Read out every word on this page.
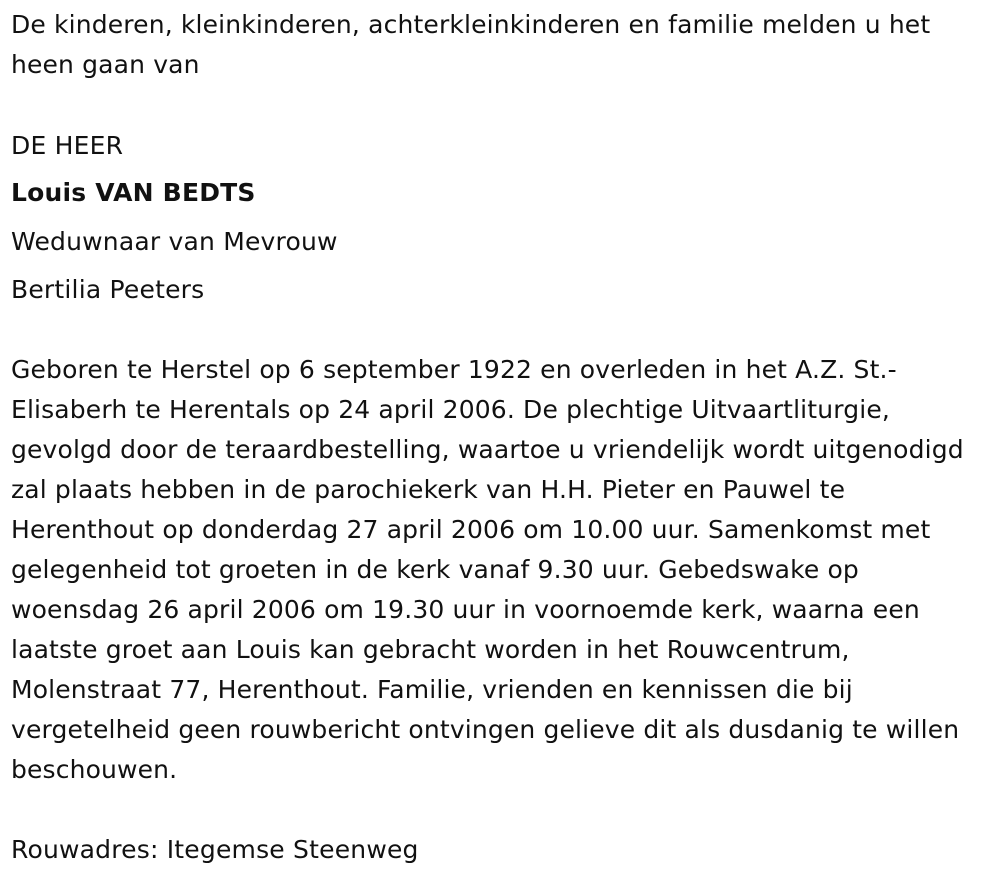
De kinderen, kleinkinderen, achterkleinkinderen en familie melden u het heen gaan van

DE HEER
Louis VAN BEDTS
Weduwnaar van Mevrouw
Bertilia Peeters

Geboren te Herstel op 6 september 1922 en overleden in het A.Z. St.-Elisaberh te Herentals op 24 april 2006. De plechtige Uitvaartliturgie, gevolgd door de teraardbestelling, waartoe u vriendelijk wordt uitgenodigd zal plaats hebben in de parochiekerk van H.H. Pieter en Pauwel te Herenthout op donderdag 27 april 2006 om 10.00 uur. Samenkomst met gelegenheid tot groeten in de kerk vanaf 9.30 uur. Gebedswake op woensdag 26 april 2006 om 19.30 uur in voornoemde kerk, waarna een laatste groet aan Louis kan gebracht worden in het Rouwcentrum, Molenstraat 77, Herenthout. Familie, vrienden en kennissen die bij vergetelheid geen rouwbericht ontvingen gelieve dit als dusdanig te willen beschouwen.

Rouwadres: Itegemse Steenweg
